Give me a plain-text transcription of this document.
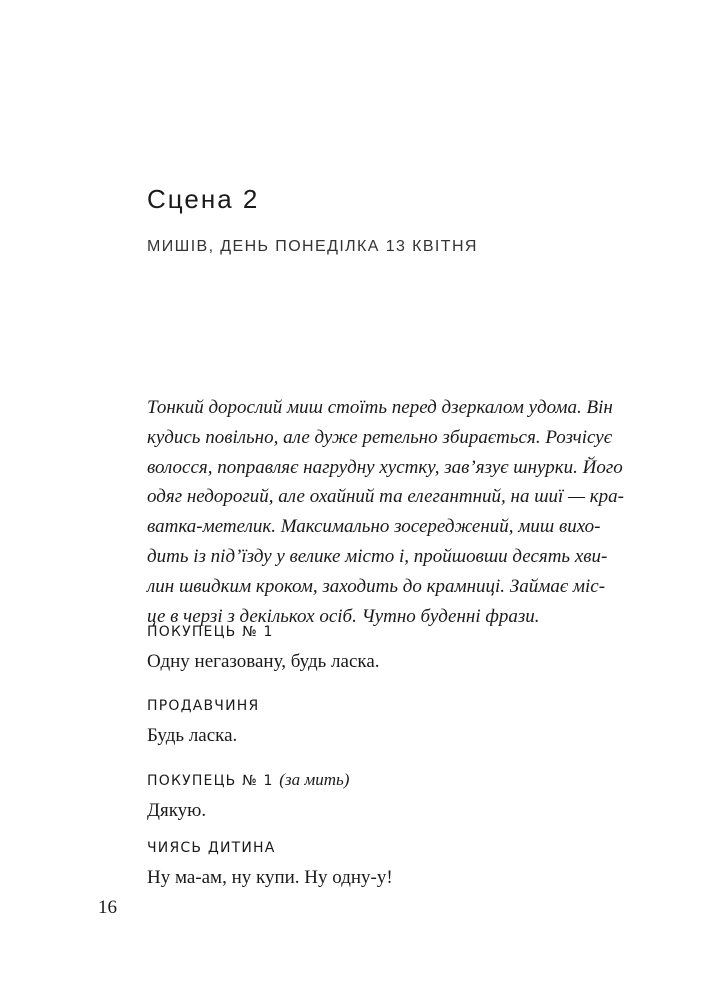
Сцена 2
МИШІВ, ДЕНЬ ПОНЕДІЛКА 13 КВІТНЯ
Тонкий дорослий миш стоїть перед дзеркалом удома. Він
кудись повільно, але дуже ретельно збирається. Розчісує
волосся, поправляє нагрудну хустку, зав’язує шнурки. Його
одяг недорогий, але охайний та елегантний, на шиї — кра-
ватка-метелик. Максимально зосереджений, миш вихо-
дить із під’їзду у велике місто і, пройшовши десять хви-
лин швидким кроком, заходить до крамниці. Займає міс-
це в черзі з декількох осіб. Чутно буденні фрази.
ПОКУПЕЦЬ № 1
Одну негазовану, будь ласка.
ПРОДАВЧИНЯ
Будь ласка.
ПОКУПЕЦЬ № 1 (за мить)
Дякую.
ЧИЯСЬ ДИТИНА
Ну ма-ам, ну купи. Ну одну-у!
16
